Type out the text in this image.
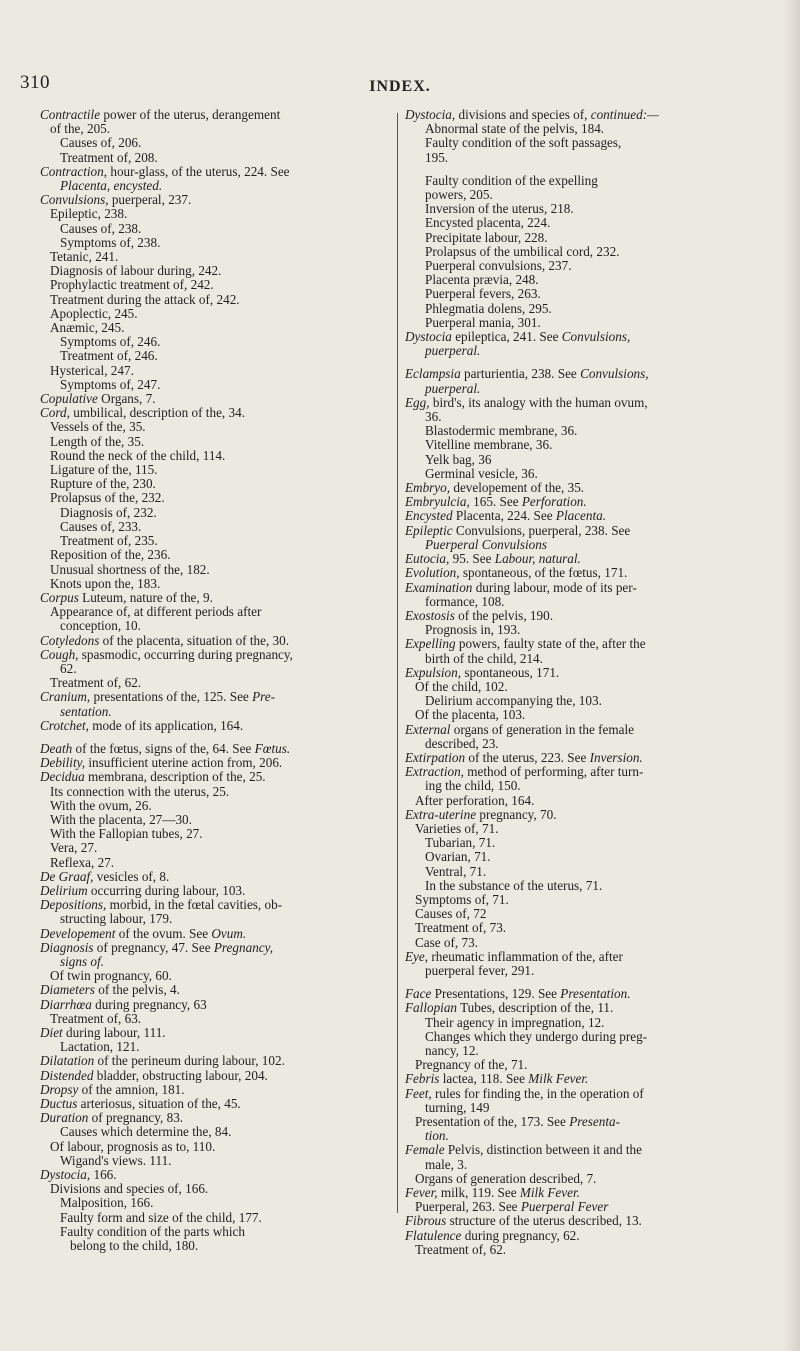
310	INDEX.
Contractile power of the uterus, derangement
of the, 205.
Causes of, 206.
Treatment of, 208.
Contraction, hour-glass, of the uterus, 224. See
Placenta, encysted.
Convulsions, puerperal, 237.
Epileptic, 238.
Causes of, 238.
Symptoms of, 238.
Tetanic, 241.
Diagnosis of labour during, 242.
Prophylactic treatment of, 242.
Treatment during the attack of, 242.
Apoplectic, 245.
Anæmic, 245.
Symptoms of, 246.
Treatment of, 246.
Hysterical, 247.
Symptoms of, 247.
Copulative Organs, 7.
Cord, umbilical, description of the, 34.
Vessels of the, 35.
Length of the, 35.
Round the neck of the child, 114.
Ligature of the, 115.
Rupture of the, 230.
Prolapsus of the, 232.
Diagnosis of, 232.
Causes of, 233.
Treatment of, 235.
Reposition of the, 236.
Unusual shortness of the, 182.
Knots upon the, 183.
Corpus Luteum, nature of the, 9.
Appearance of, at different periods after
conception, 10.
Cotyledons of the placenta, situation of the, 30.
Cough, spasmodic, occurring during pregnancy,
62.
Treatment of, 62.
Cranium, presentations of the, 125. See Pre-
sentation.
Crotchet, mode of its application, 164.
Death of the fœtus, signs of the, 64. See Fœtus.
Debility, insufficient uterine action from, 206.
Decidua membrana, description of the, 25.
Its connection with the uterus, 25.
With the ovum, 26.
With the placenta, 27—30.
With the Fallopian tubes, 27.
Vera, 27.
Reflexa, 27.
De Graaf, vesicles of, 8.
Delirium occurring during labour, 103.
Depositions, morbid, in the fœtal cavities, ob-
structing labour, 179.
Developement of the ovum. See Ovum.
Diagnosis of pregnancy, 47. See Pregnancy,
signs of.
Of twin prognancy, 60.
Diameters of the pelvis, 4.
Diarrhœa during pregnancy, 63
Treatment of, 63.
Diet during labour, 111.
Lactation, 121.
Dilatation of the perineum during labour, 102.
Distended bladder, obstructing labour, 204.
Dropsy of the amnion, 181.
Ductus arteriosus, situation of the, 45.
Duration of pregnancy, 83.
Causes which determine the, 84.
Of labour, prognosis as to, 110.
Wigand's views. 111.
Dystocia, 166.
Divisions and species of, 166.
Malposition, 166.
Faulty form and size of the child, 177.
Faulty condition of the parts which
belong to the child, 180.
Dystocia, divisions and species of, continued:—
Abnormal state of the pelvis, 184.
Faulty condition of the soft passages,
195.
Faulty condition of the expelling
powers, 205.
Inversion of the uterus, 218.
Encysted placenta, 224.
Precipitate labour, 228.
Prolapsus of the umbilical cord, 232.
Puerperal convulsions, 237.
Placenta prævia, 248.
Puerperal fevers, 263.
Phlegmatia dolens, 295.
Puerperal mania, 301.
Dystocia epileptica, 241. See Convulsions,
puerperal.
Eclampsia parturientia, 238. See Convulsions,
puerperal.
Egg, bird's, its analogy with the human ovum,
36.
Blastodermic membrane, 36.
Vitelline membrane, 36.
Yelk bag, 36
Germinal vesicle, 36.
Embryo, developement of the, 35.
Embryulcia, 165. See Perforation.
Encysted Placenta, 224. See Placenta.
Epileptic Convulsions, puerperal, 238. See
Puerperal Convulsions
Eutocia, 95. See Labour, natural.
Evolution, spontaneous, of the fœtus, 171.
Examination during labour, mode of its per-
formance, 108.
Exostosis of the pelvis, 190.
Prognosis in, 193.
Expelling powers, faulty state of the, after the
birth of the child, 214.
Expulsion, spontaneous, 171.
Of the child, 102.
Delirium accompanying the, 103.
Of the placenta, 103.
External organs of generation in the female
described, 23.
Extirpation of the uterus, 223. See Inversion.
Extraction, method of performing, after turn-
ing the child, 150.
After perforation, 164.
Extra-uterine pregnancy, 70.
Varieties of, 71.
Tubarian, 71.
Ovarian, 71.
Ventral, 71.
In the substance of the uterus, 71.
Symptoms of, 71.
Causes of, 72
Treatment of, 73.
Case of, 73.
Eye, rheumatic inflammation of the, after
puerperal fever, 291.
Face Presentations, 129. See Presentation.
Fallopian Tubes, description of the, 11.
Their agency in impregnation, 12.
Changes which they undergo during preg-
nancy, 12.
Pregnancy of the, 71.
Febris lactea, 118. See Milk Fever.
Feet, rules for finding the, in the operation of
turning, 149
Presentation of the, 173. See Presenta-
tion.
Female Pelvis, distinction between it and the
male, 3.
Organs of generation described, 7.
Fever, milk, 119. See Milk Fever.
Puerperal, 263. See Puerperal Fever
Fibrous structure of the uterus described, 13.
Flatulence during pregnancy, 62.
Treatment of, 62.
